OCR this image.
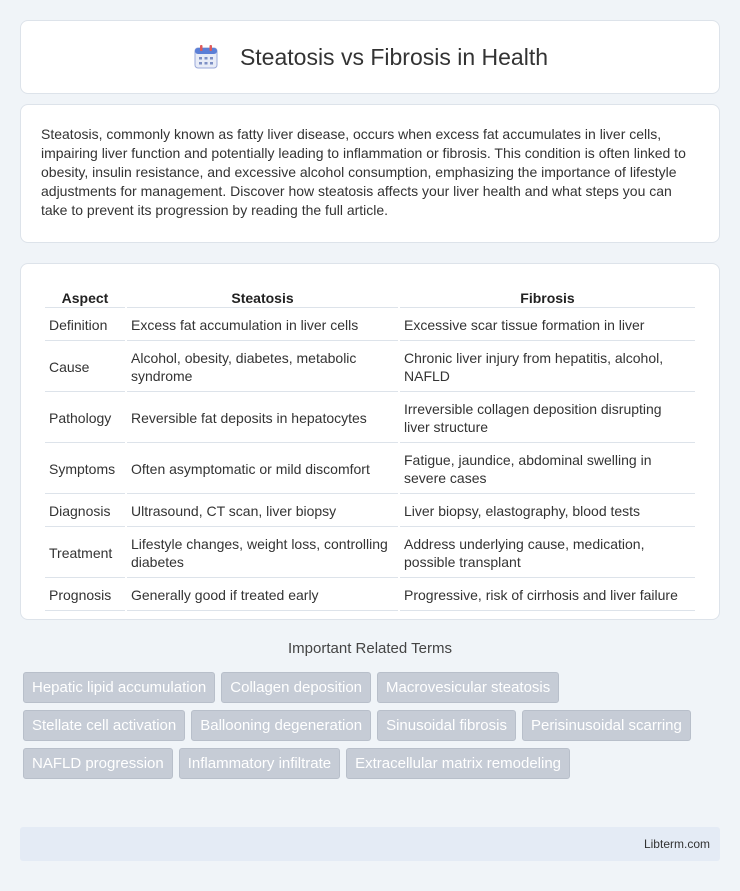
Steatosis vs Fibrosis in Health

Steatosis, commonly known as fatty liver disease, occurs when excess fat accumulates in liver cells, impairing liver function and potentially leading to inflammation or fibrosis. This condition is often linked to obesity, insulin resistance, and excessive alcohol consumption, emphasizing the importance of lifestyle adjustments for management. Discover how steatosis affects your liver health and what steps you can take to prevent its progression by reading the full article.

Aspect	Steatosis	Fibrosis
Definition	Excess fat accumulation in liver cells	Excessive scar tissue formation in liver
Cause	Alcohol, obesity, diabetes, metabolic syndrome	Chronic liver injury from hepatitis, alcohol, NAFLD
Pathology	Reversible fat deposits in hepatocytes	Irreversible collagen deposition disrupting liver structure
Symptoms	Often asymptomatic or mild discomfort	Fatigue, jaundice, abdominal swelling in severe cases
Diagnosis	Ultrasound, CT scan, liver biopsy	Liver biopsy, elastography, blood tests
Treatment	Lifestyle changes, weight loss, controlling diabetes	Address underlying cause, medication, possible transplant
Prognosis	Generally good if treated early	Progressive, risk of cirrhosis and liver failure
Important Related Terms
Hepatic lipid accumulation	Collagen deposition	Macrovesicular steatosis
Stellate cell activation	Ballooning degeneration	Sinusoidal fibrosis	Perisinusoidal scarring
NAFLD progression	Inflammatory infiltrate	Extracellular matrix remodeling
Libterm.com
